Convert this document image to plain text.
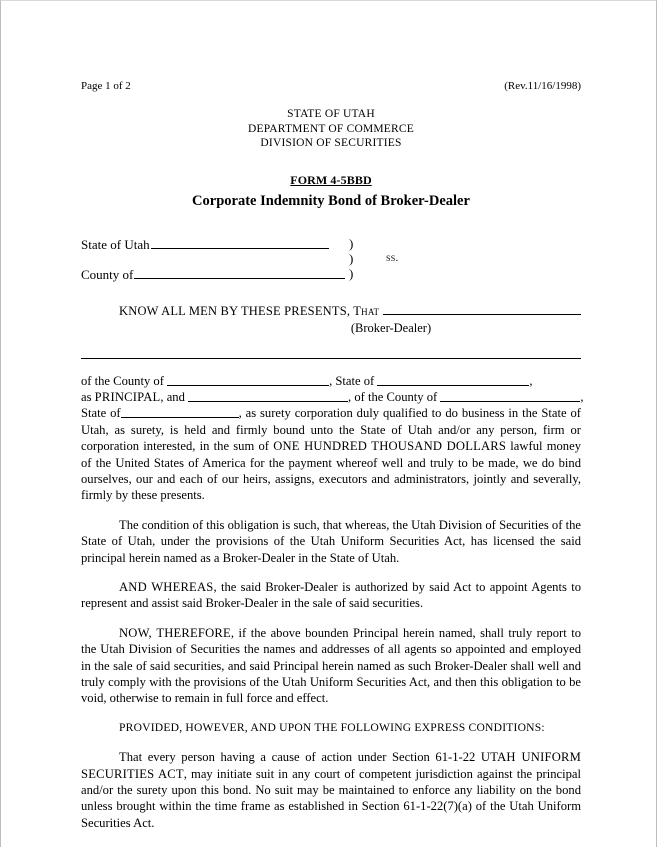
Page 1 of 2	(Rev.11/16/1998)
STATE OF UTAH
DEPARTMENT OF COMMERCE
DIVISION OF SECURITIES
FORM 4-5BBD
Corporate Indemnity Bond of Broker-Dealer
State of Utah
County of
)
)
)
ss.
KNOW ALL MEN BY THESE PRESENTS, That
(Broker-Dealer)
of the County of	, State of	,
as PRINCIPAL, and	, of the County of	,

State of	, as surety corporation duly qualified to do business in the State of Utah, as surety, is held and firmly bound unto the State of Utah and/or any person, firm or corporation interested, in the sum of ONE HUNDRED THOUSAND DOLLARS lawful money of the United States of America for the payment whereof well and truly to be made, we do bind ourselves, our and each of our heirs, assigns, executors and administrators, jointly and severally, firmly by these presents.

The condition of this obligation is such, that whereas, the Utah Division of Securities of the State of Utah, under the provisions of the Utah Uniform Securities Act, has licensed the said principal herein named as a Broker-Dealer in the State of Utah.

AND WHEREAS, the said Broker-Dealer is authorized by said Act to appoint Agents to represent and assist said Broker-Dealer in the sale of said securities.

NOW, THEREFORE, if the above bounden Principal herein named, shall truly report to the Utah Division of Securities the names and addresses of all agents so appointed and employed in the sale of said securities, and said Principal herein named as such Broker-Dealer shall well and truly comply with the provisions of the Utah Uniform Securities Act, and then this obligation to be void, otherwise to remain in full force and effect.

PROVIDED, HOWEVER, AND UPON THE FOLLOWING EXPRESS CONDITIONS:

That every person having a cause of action under Section 61-1-22 UTAH UNIFORM SECURITIES ACT, may initiate suit in any court of competent jurisdiction against the principal and/or the surety upon this bond. No suit may be maintained to enforce any liability on the bond unless brought within the time frame as established in Section 61-1-22(7)(a) of the Utah Uniform Securities Act.
